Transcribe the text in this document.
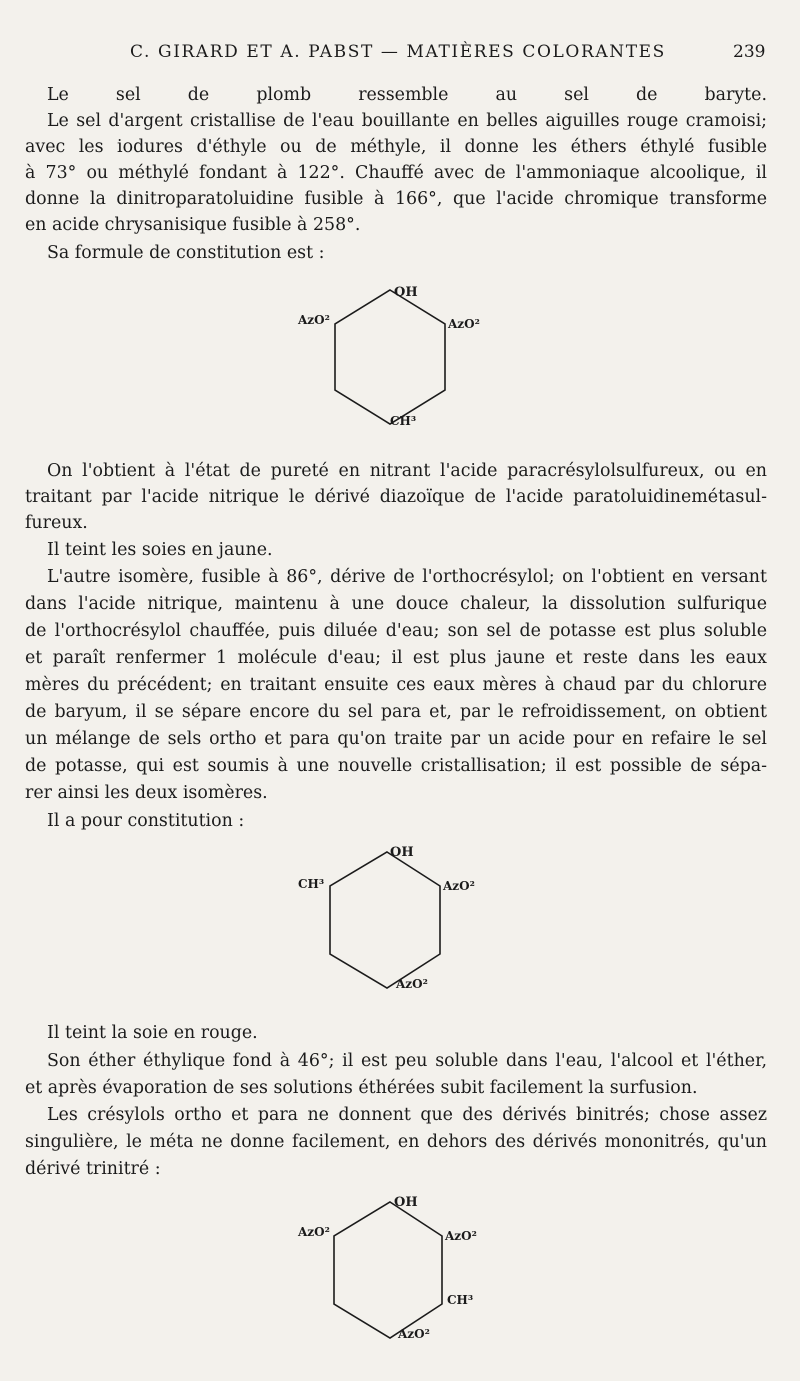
C. GIRARD ET A. PABST — MATIÈRES COLORANTES	239
Le sel de plomb ressemble au sel de baryte.
Le sel d'argent cristallise de l'eau bouillante en belles aiguilles rouge cramoisi;
avec les iodures d'éthyle ou de méthyle, il donne les éthers éthylé fusible
à 73° ou méthylé fondant à 122°. Chauffé avec de l'ammoniaque alcoolique, il
donne la dinitroparatoluidine fusible à 166°, que l'acide chromique transforme
en acide chrysanisique fusible à 258°.
Sa formule de constitution est :
OH
AzO²	AzO²
CH³
On l'obtient à l'état de pureté en nitrant l'acide paracrésylolsulfureux, ou en
traitant par l'acide nitrique le dérivé diazoïque de l'acide paratoluidinemétasul-
fureux.
Il teint les soies en jaune.
L'autre isomère, fusible à 86°, dérive de l'orthocrésylol; on l'obtient en versant
dans l'acide nitrique, maintenu à une douce chaleur, la dissolution sulfurique
de l'orthocrésylol chauffée, puis diluée d'eau; son sel de potasse est plus soluble
et paraît renfermer 1 molécule d'eau; il est plus jaune et reste dans les eaux
mères du précédent; en traitant ensuite ces eaux mères à chaud par du chlorure
de baryum, il se sépare encore du sel para et, par le refroidissement, on obtient
un mélange de sels ortho et para qu'on traite par un acide pour en refaire le sel
de potasse, qui est soumis à une nouvelle cristallisation; il est possible de sépa-
rer ainsi les deux isomères.
Il a pour constitution :
OH
CH³	AzO²
AzO²
Il teint la soie en rouge.
Son éther éthylique fond à 46°; il est peu soluble dans l'eau, l'alcool et l'éther,
et après évaporation de ses solutions éthérées subit facilement la surfusion.
Les crésylols ortho et para ne donnent que des dérivés binitrés; chose assez
singulière, le méta ne donne facilement, en dehors des dérivés mononitrés, qu'un
dérivé trinitré :
OH
AzO²	AzO²
CH³
AzO²
